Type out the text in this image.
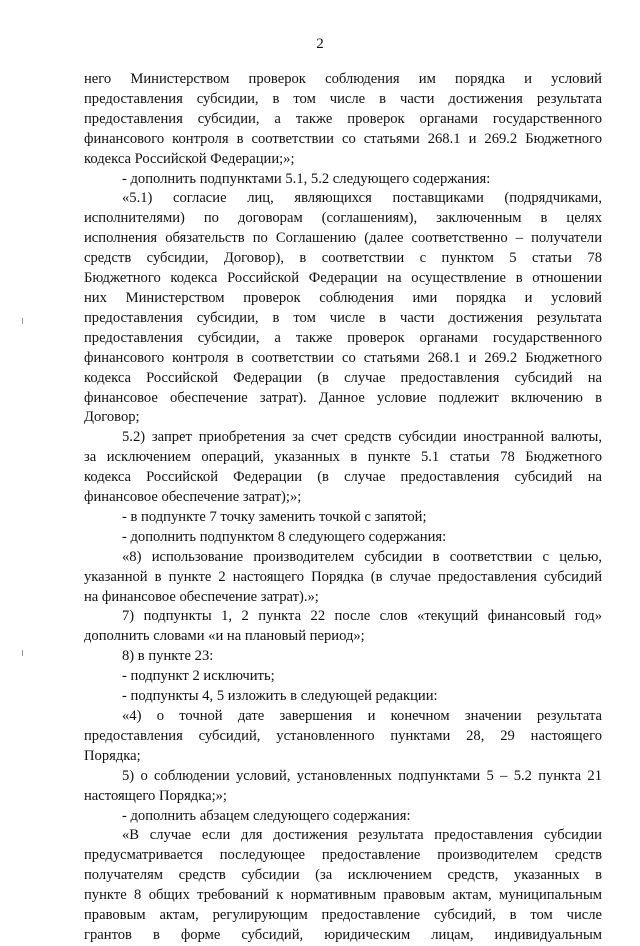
2

него Министерством проверок соблюдения им порядка и условий

предоставления субсидии, в том числе в части достижения результата

предоставления субсидии, а также проверок органами государственного

финансового контроля в соответствии со статьями 268.1 и 269.2 Бюджетного

кодекса Российской Федерации;»;

- дополнить подпунктами 5.1, 5.2 следующего содержания:

«5.1) согласие лиц, являющихся поставщиками (подрядчиками,

исполнителями) по договорам (соглашениям), заключенным в целях

исполнения обязательств по Соглашению (далее соответственно – получатели

средств субсидии, Договор), в соответствии с пунктом 5 статьи 78

Бюджетного кодекса Российской Федерации на осуществление в отношении

них Министерством проверок соблюдения ими порядка и условий

предоставления субсидии, в том числе в части достижения результата

предоставления субсидии, а также проверок органами государственного

финансового контроля в соответствии со статьями 268.1 и 269.2 Бюджетного

кодекса Российской Федерации (в случае предоставления субсидий на

финансовое обеспечение затрат). Данное условие подлежит включению в

Договор;

5.2) запрет приобретения за счет средств субсидии иностранной валюты,

за исключением операций, указанных в пункте 5.1 статьи 78 Бюджетного

кодекса Российской Федерации (в случае предоставления субсидий на

финансовое обеспечение затрат);»;

- в подпункте 7 точку заменить точкой с запятой;

- дополнить подпунктом 8 следующего содержания:

«8) использование производителем субсидии в соответствии с целью,

указанной в пункте 2 настоящего Порядка (в случае предоставления субсидий

на финансовое обеспечение затрат).»;

7) подпункты 1, 2 пункта 22 после слов «текущий финансовый год»

дополнить словами «и на плановый период»;

8) в пункте 23:

- подпункт 2 исключить;

- подпункты 4, 5 изложить в следующей редакции:

«4) о точной дате завершения и конечном значении результата

предоставления субсидий, установленного пунктами 28, 29 настоящего

Порядка;

5) о соблюдении условий, установленных подпунктами 5 – 5.2 пункта 21

настоящего Порядка;»;

- дополнить абзацем следующего содержания:

«В случае если для достижения результата предоставления субсидии

предусматривается последующее предоставление производителем средств

получателям средств субсидии (за исключением средств, указанных в

пункте 8 общих требований к нормативным правовым актам, муниципальным

правовым актам, регулирующим предоставление субсидий, в том числе

грантов в форме субсидий, юридическим лицам, индивидуальным
